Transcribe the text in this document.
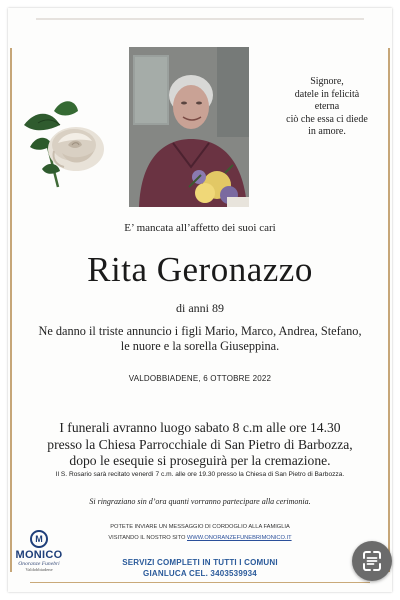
Signore,
datele in felicità
eterna
ciò che essa ci diede
in amore.
E’ mancata all’affetto dei suoi cari
Rita Geronazzo
di anni 89
Ne danno il triste annuncio i figli Mario, Marco, Andrea, Stefano,
le nuore e la sorella Giuseppina.
VALDOBBIADENE, 6 OTTOBRE 2022
I funerali avranno luogo sabato 8 c.m alle ore 14.30
presso la Chiesa Parrocchiale di San Pietro di Barbozza,
dopo le esequie si proseguirà per la cremazione.
Il S. Rosario sarà recitato venerdì 7 c.m. alle ore 19.30 presso la Chiesa di San Pietro di Barbozza.
Si ringraziano sin d’ora quanti vorranno partecipare alla cerimonia.
M
MONICO
Onoranze Funebri
Valdobbiadene
POTETE INVIARE UN MESSAGGIO DI CORDOGLIO ALLA FAMIGLIA
VISITANDO IL NOSTRO SITO WWW.ONORANZEFUNEBRIMONICO.IT
SERVIZI COMPLETI IN TUTTI I COMUNI
GIANLUCA CEL. 3403539934
